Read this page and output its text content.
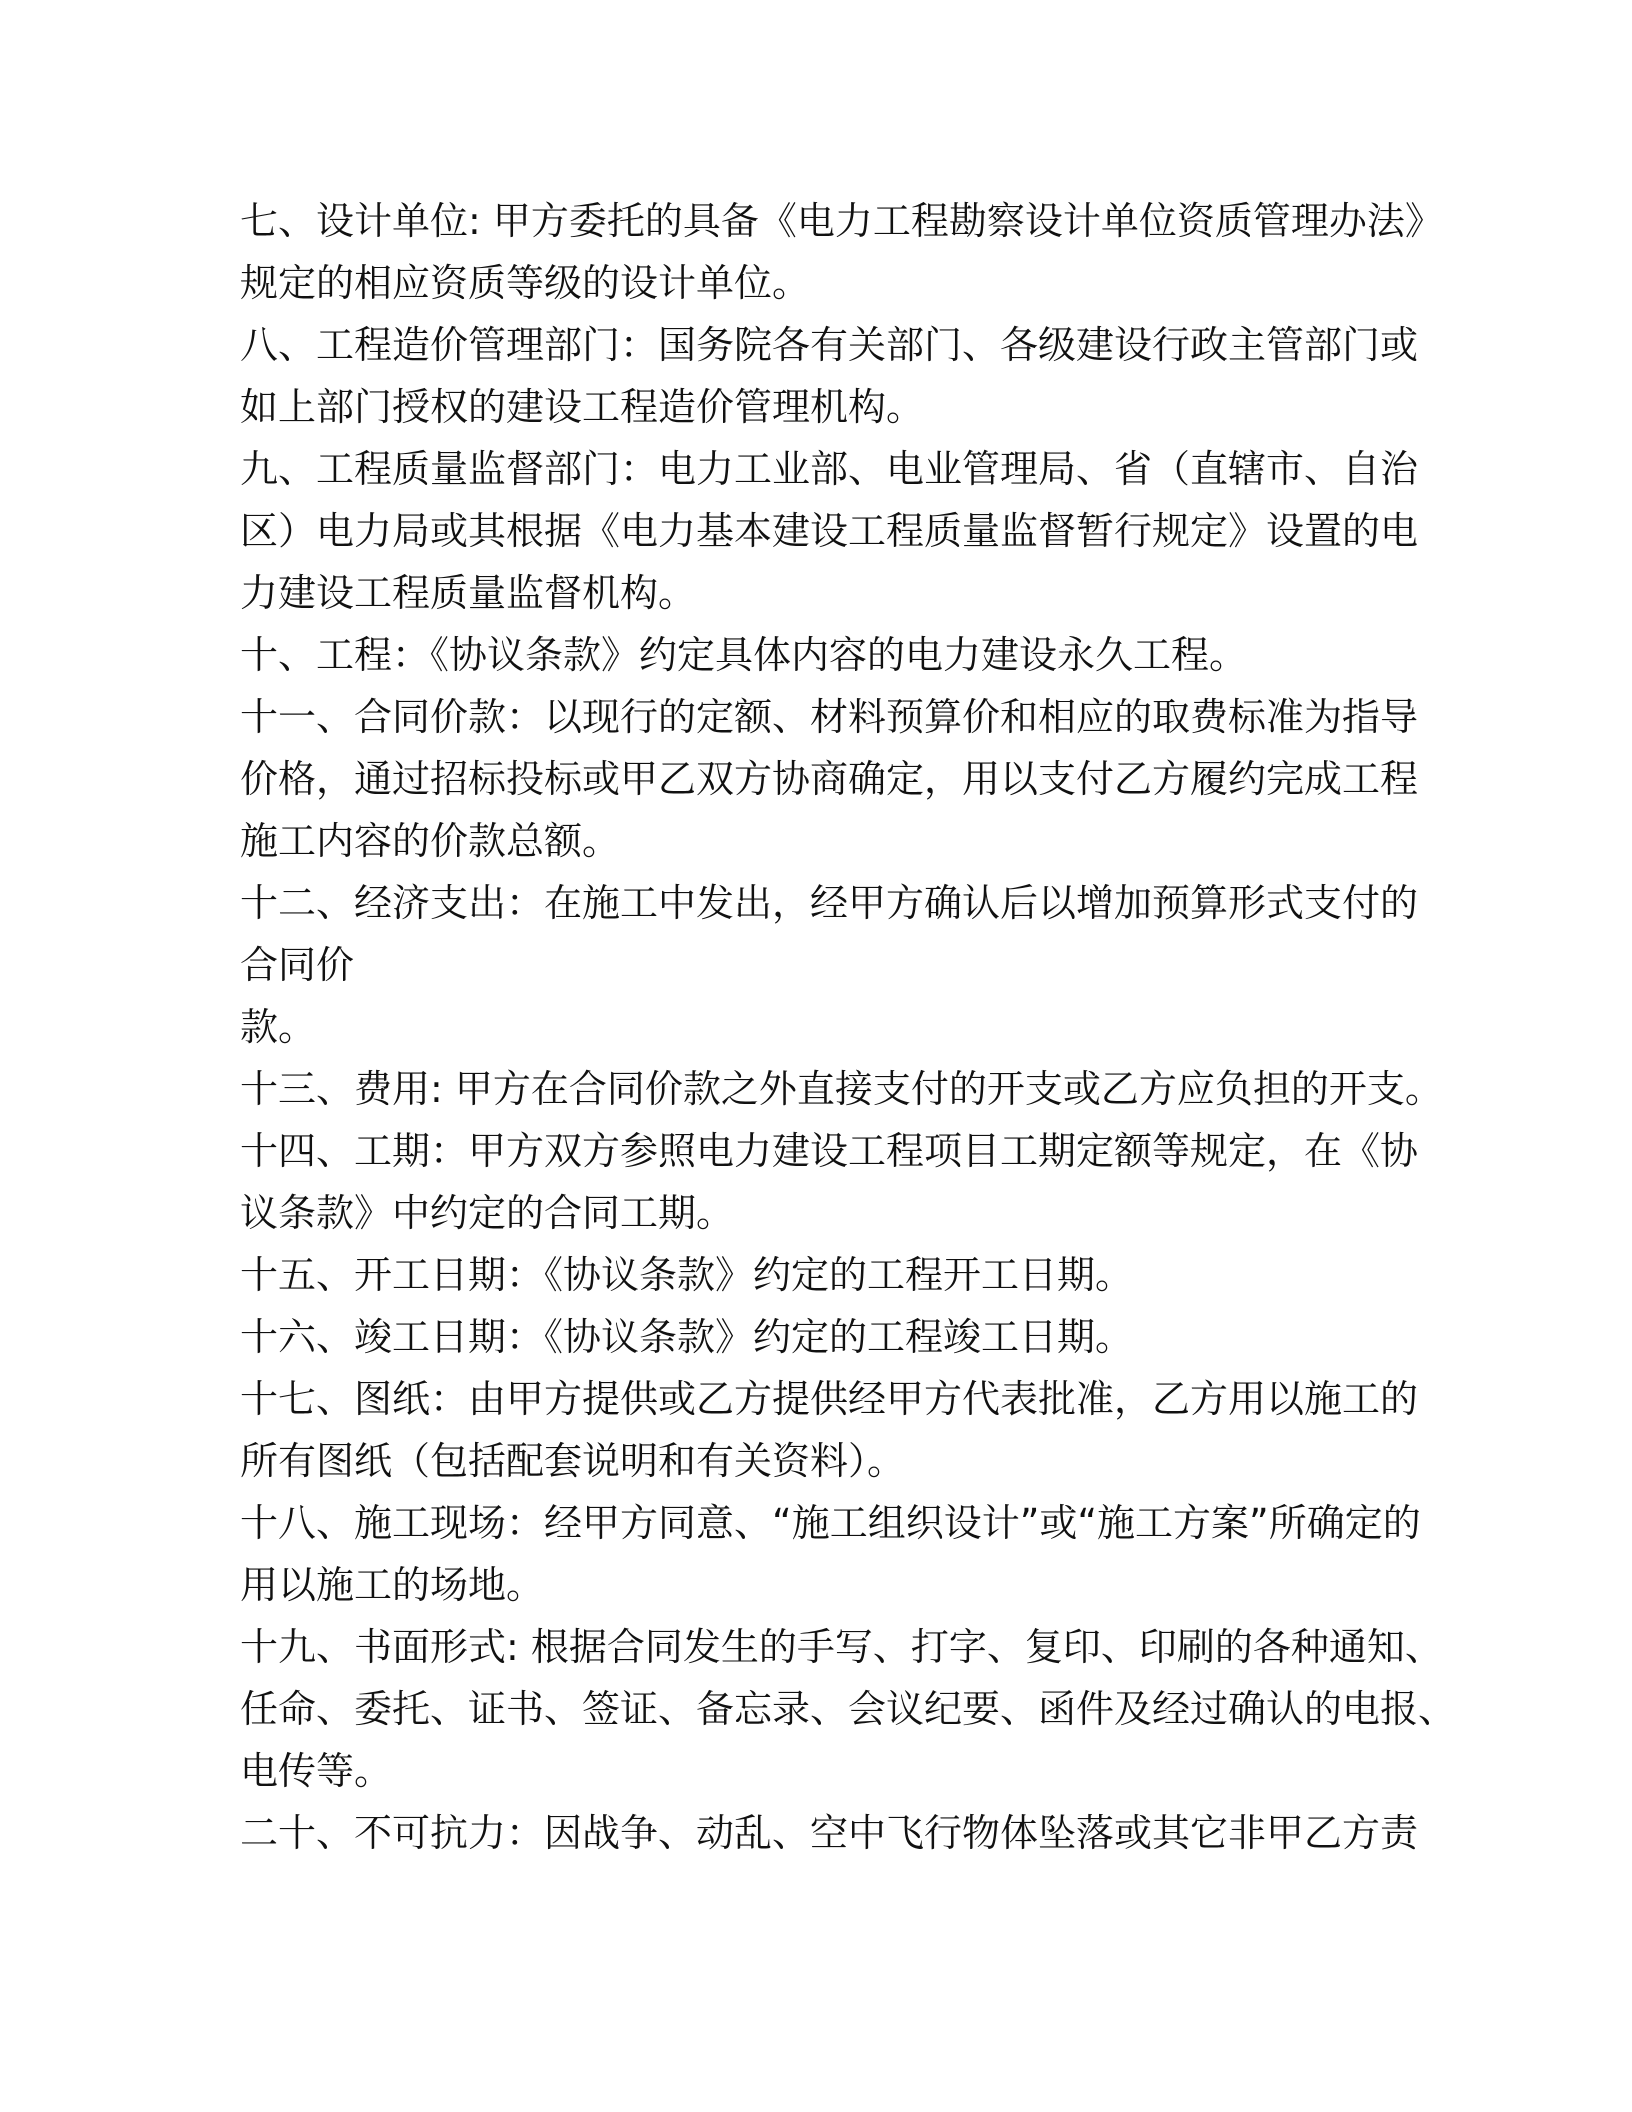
七、设计单位: 甲方委托的具备《电力工程勘察设计单位资质管理办法》
规定的相应资质等级的设计单位。
八、工程造价管理部门：国务院各有关部门、各级建设行政主管部门或
如上部门授权的建设工程造价管理机构。
九、工程质量监督部门：电力工业部、电业管理局、省（直辖市、自治
区）电力局或其根据《电力基本建设工程质量监督暂行规定》设置的电
力建设工程质量监督机构。
十、工程：《协议条款》约定具体内容的电力建设永久工程。
十一、合同价款：以现行的定额、材料预算价和相应的取费标准为指导
价格，通过招标投标或甲乙双方协商确定，用以支付乙方履约完成工程
施工内容的价款总额。
十二、经济支出：在施工中发出，经甲方确认后以增加预算形式支付的
合同价
款。
十三、费用: 甲方在合同价款之外直接支付的开支或乙方应负担的开支。
十四、工期：甲方双方参照电力建设工程项目工期定额等规定，在《协
议条款》中约定的合同工期。
十五、开工日期：《协议条款》约定的工程开工日期。
十六、竣工日期：《协议条款》约定的工程竣工日期。
十七、图纸：由甲方提供或乙方提供经甲方代表批准，乙方用以施工的
所有图纸（包括配套说明和有关资料）。
十八、施工现场：经甲方同意、“施工组织设计”或“施工方案”所确定的
用以施工的场地。
十九、书面形式: 根据合同发生的手写、打字、复印、印刷的各种通知、
任命、委托、证书、签证、备忘录、会议纪要、函件及经过确认的电报、
电传等。
二十、不可抗力：因战争、动乱、空中飞行物体坠落或其它非甲乙方责
